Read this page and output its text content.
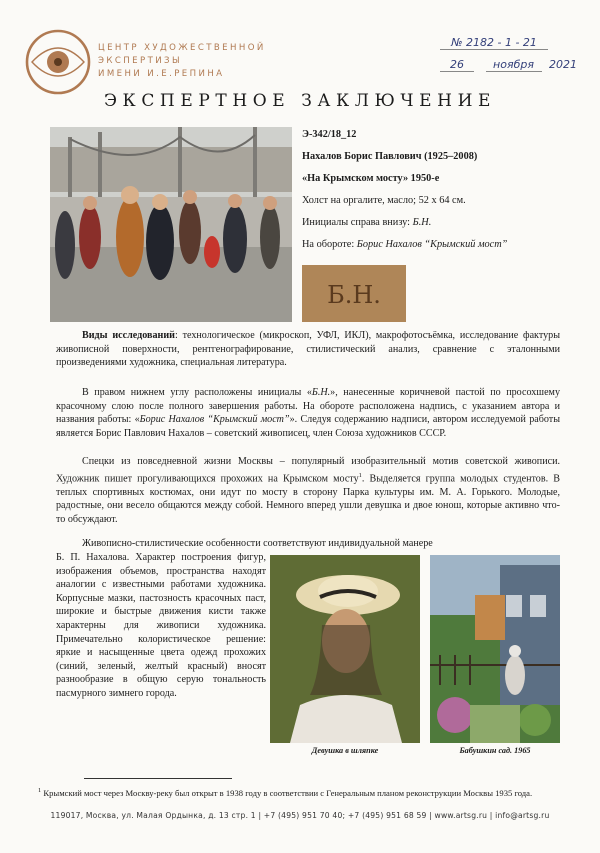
ЦЕНТР ХУДОЖЕСТВЕННОЙ
ЭКСПЕРТИЗЫ
ИМЕНИ И.Е.РЕПИНА
№ 2182 - 1 - 21
26	ноября 2021
ЭКСПЕРТНОЕ ЗАКЛЮЧЕНИЕ
Э-342/18_12
Нахалов Борис Павлович (1925–2008)
«На Крымском мосту» 1950-е
Холст на оргалите, масло; 52 х 64 см.
Инициалы справа внизу: Б.Н.
На обороте: Борис Нахалов “Крымский мост”
Б.Н.
Виды исследований: технологическое (микроскоп, УФЛ, ИКЛ), макрофотосъёмка, исследование фактуры живописной поверхности, рентгенографирование, стилистический анализ, сравнение с эталонными произведениями художника, специальная литература.
В правом нижнем углу расположены инициалы «Б.Н.», нанесенные коричневой пастой по просохшему красочному слою после полного завершения работы. На обороте расположена надпись, с указанием автора и названия работы: «Борис Нахалов “Крымский мост”». Следуя содержанию надписи, автором исследуемой работы является Борис Павлович Нахалов – советский живописец, член Союза художников СССР.
Спецки из повседневной жизни Москвы – популярный изобразительный мотив советской живописи. Художник пишет прогуливающихся прохожих на Крымском мосту$^1$. Выделяется группа молодых студентов. В теплых спортивных костюмах, они идут по мосту в сторону Парка культуры им. М. А. Горького. Молодые, радостные, они весело общаются между собой. Немного вперед ушли девушка и двое юнош, которые активно что-то обсуждают.
Живописно-стилистические особенности соответствуют индивидуальной манере
Б. П. Нахалова. Характер построения фигур, изображения объемов, пространства находят аналогии с известными работами художника. Корпусные мазки, пастозность красочных паст, широкие и быстрые движения кисти также характерны для живописи художника. Примечательно колористическое решение: яркие и насыщенные цвета одежд прохожих (синий, зеленый, желтый красный) вносят разнообразие в общую серую тональность пасмурного зимнего города.
Девушка в шляпке	Бабушкин сад. 1965
$^1$ Крымский мост через Москву-реку был открыт в 1938 году в соответствии с Генеральным планом реконструкции Москвы 1935 года.
119017, Москва, ул. Малая Ордынка, д. 13 стр. 1 | +7 (495) 951 70 40; +7 (495) 951 68 59 | www.artsg.ru | info@artsg.ru
